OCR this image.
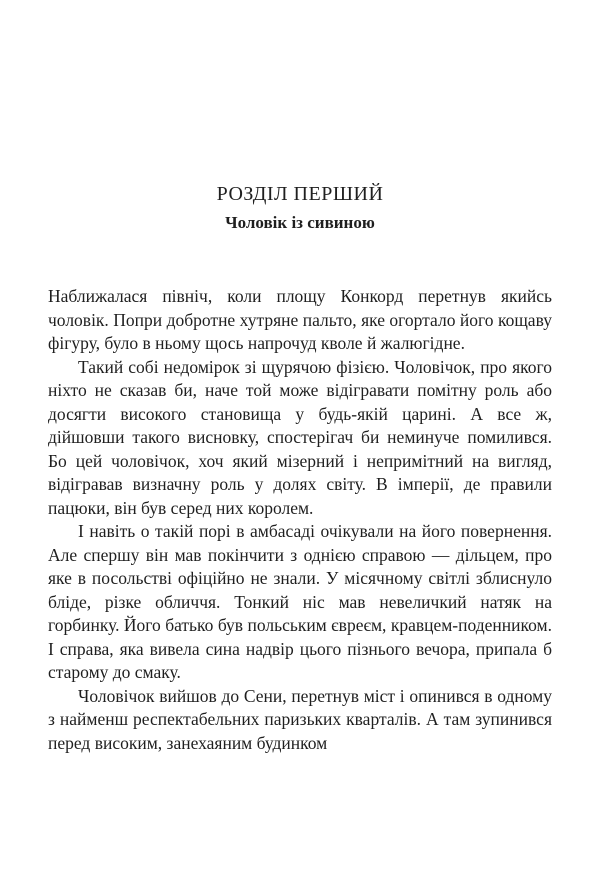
РОЗДІЛ ПЕРШИЙ
Чоловік із сивиною

Наближалася північ, коли площу Конкорд перетнув якийсь чоловік. Попри добротне хутряне пальто, яке огортало його кощаву фігуру, було в ньому щось напрочуд кволе й жалюгідне.

Такий собі недомірок зі щурячою фізією. Чоловічок, про якого ніхто не сказав би, наче той може відігравати помітну роль або досягти високого становища у будь-якій царині. А все ж, дійшовши такого висновку, спостерігач би неминуче помилився. Бо цей чоловічок, хоч який мізерний і непримітний на вигляд, відігравав визначну роль у долях світу. В імперії, де правили пацюки, він був серед них королем.

І навіть о такій порі в амбасаді очікували на його повернення. Але спершу він мав покінчити з однією справою — дільцем, про яке в посольстві офіційно не знали. У місячному світлі зблиснуло бліде, різке обличчя. Тонкий ніс мав невеличкий натяк на горбинку. Його батько був польським євреєм, кравцем-поденником. І справа, яка вивела сина надвір цього пізнього вечора, припала б старому до смаку.

Чоловічок вийшов до Сени, перетнув міст і опинився в одному з найменш респектабельних паризьких кварталів. А там зупинився перед високим, занехаяним будинком
